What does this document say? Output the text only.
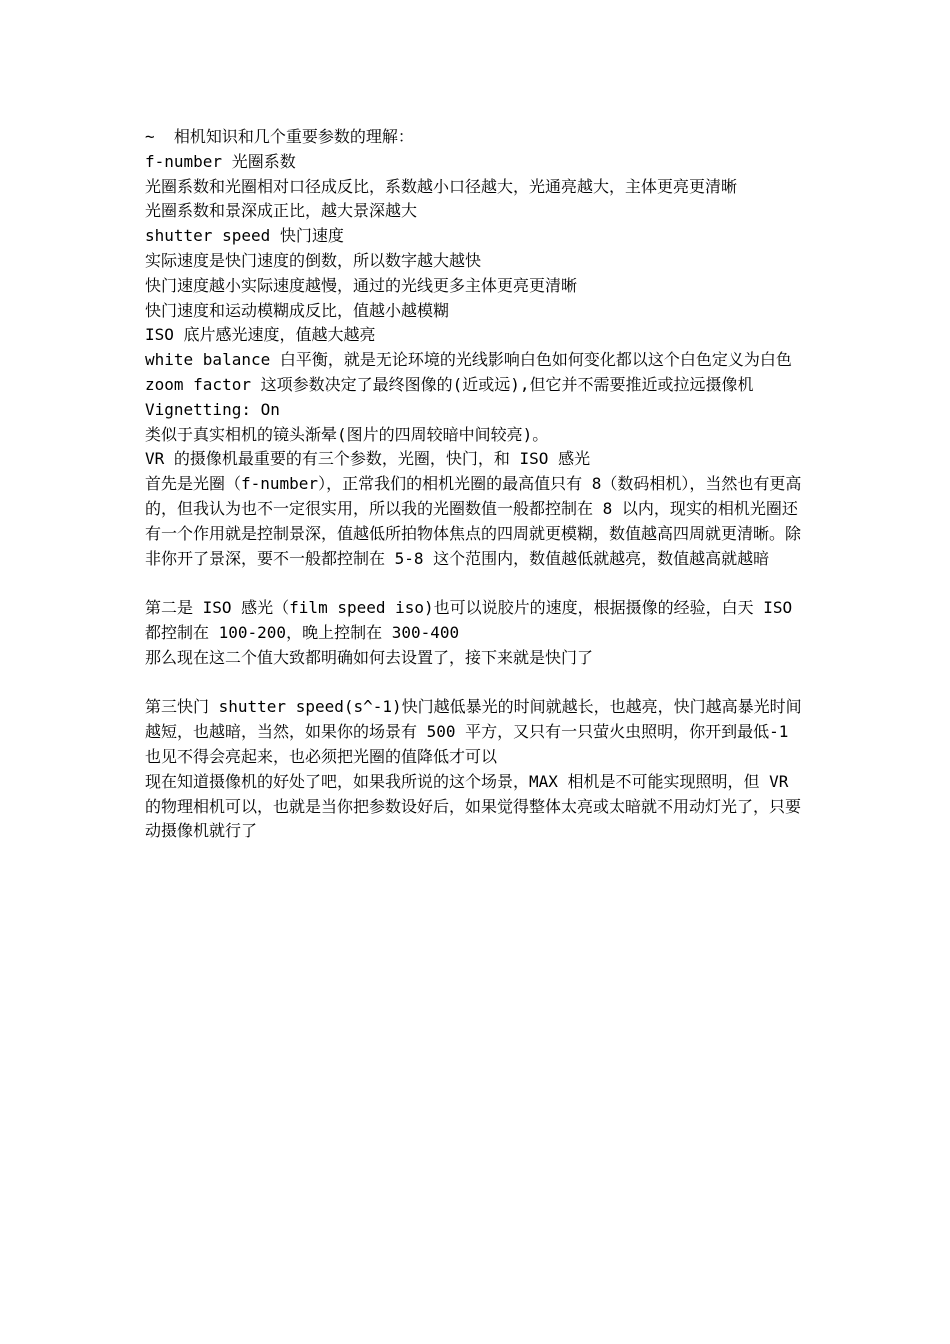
~  相机知识和几个重要参数的理解：

f-number 光圈系数

光圈系数和光圈相对口径成反比，系数越小口径越大，光通亮越大，主体更亮更清晰

光圈系数和景深成正比，越大景深越大

shutter speed 快门速度

实际速度是快门速度的倒数，所以数字越大越快

快门速度越小实际速度越慢，通过的光线更多主体更亮更清晰

快门速度和运动模糊成反比，值越小越模糊

ISO 底片感光速度，值越大越亮

white balance 白平衡，就是无论环境的光线影响白色如何变化都以这个白色定义为白色

zoom factor 这项参数决定了最终图像的(近或远),但它并不需要推近或拉远摄像机

Vignetting: On

类似于真实相机的镜头渐晕(图片的四周较暗中间较亮)。

VR 的摄像机最重要的有三个参数，光圈，快门，和 ISO 感光

首先是光圈（f-number），正常我们的相机光圈的最高值只有 8（数码相机），当然也有更高的，但我认为也不一定很实用，所以我的光圈数值一般都控制在 8 以内，现实的相机光圈还有一个作用就是控制景深，值越低所拍物体焦点的四周就更模糊，数值越高四周就更清晰。除非你开了景深，要不一般都控制在 5-8 这个范围内，数值越低就越亮，数值越高就越暗

第二是 ISO 感光（film speed iso)也可以说胶片的速度，根据摄像的经验，白天 ISO 都控制在 100-200，晚上控制在 300-400

那么现在这二个值大致都明确如何去设置了，接下来就是快门了

第三快门 shutter speed(s^-1)快门越低暴光的时间就越长，也越亮，快门越高暴光时间越短，也越暗，当然，如果你的场景有 500 平方，又只有一只萤火虫照明，你开到最低-1 也见不得会亮起来，也必须把光圈的值降低才可以

现在知道摄像机的好处了吧，如果我所说的这个场景，MAX 相机是不可能实现照明，但 VR 的物理相机可以，也就是当你把参数设好后，如果觉得整体太亮或太暗就不用动灯光了，只要动摄像机就行了
